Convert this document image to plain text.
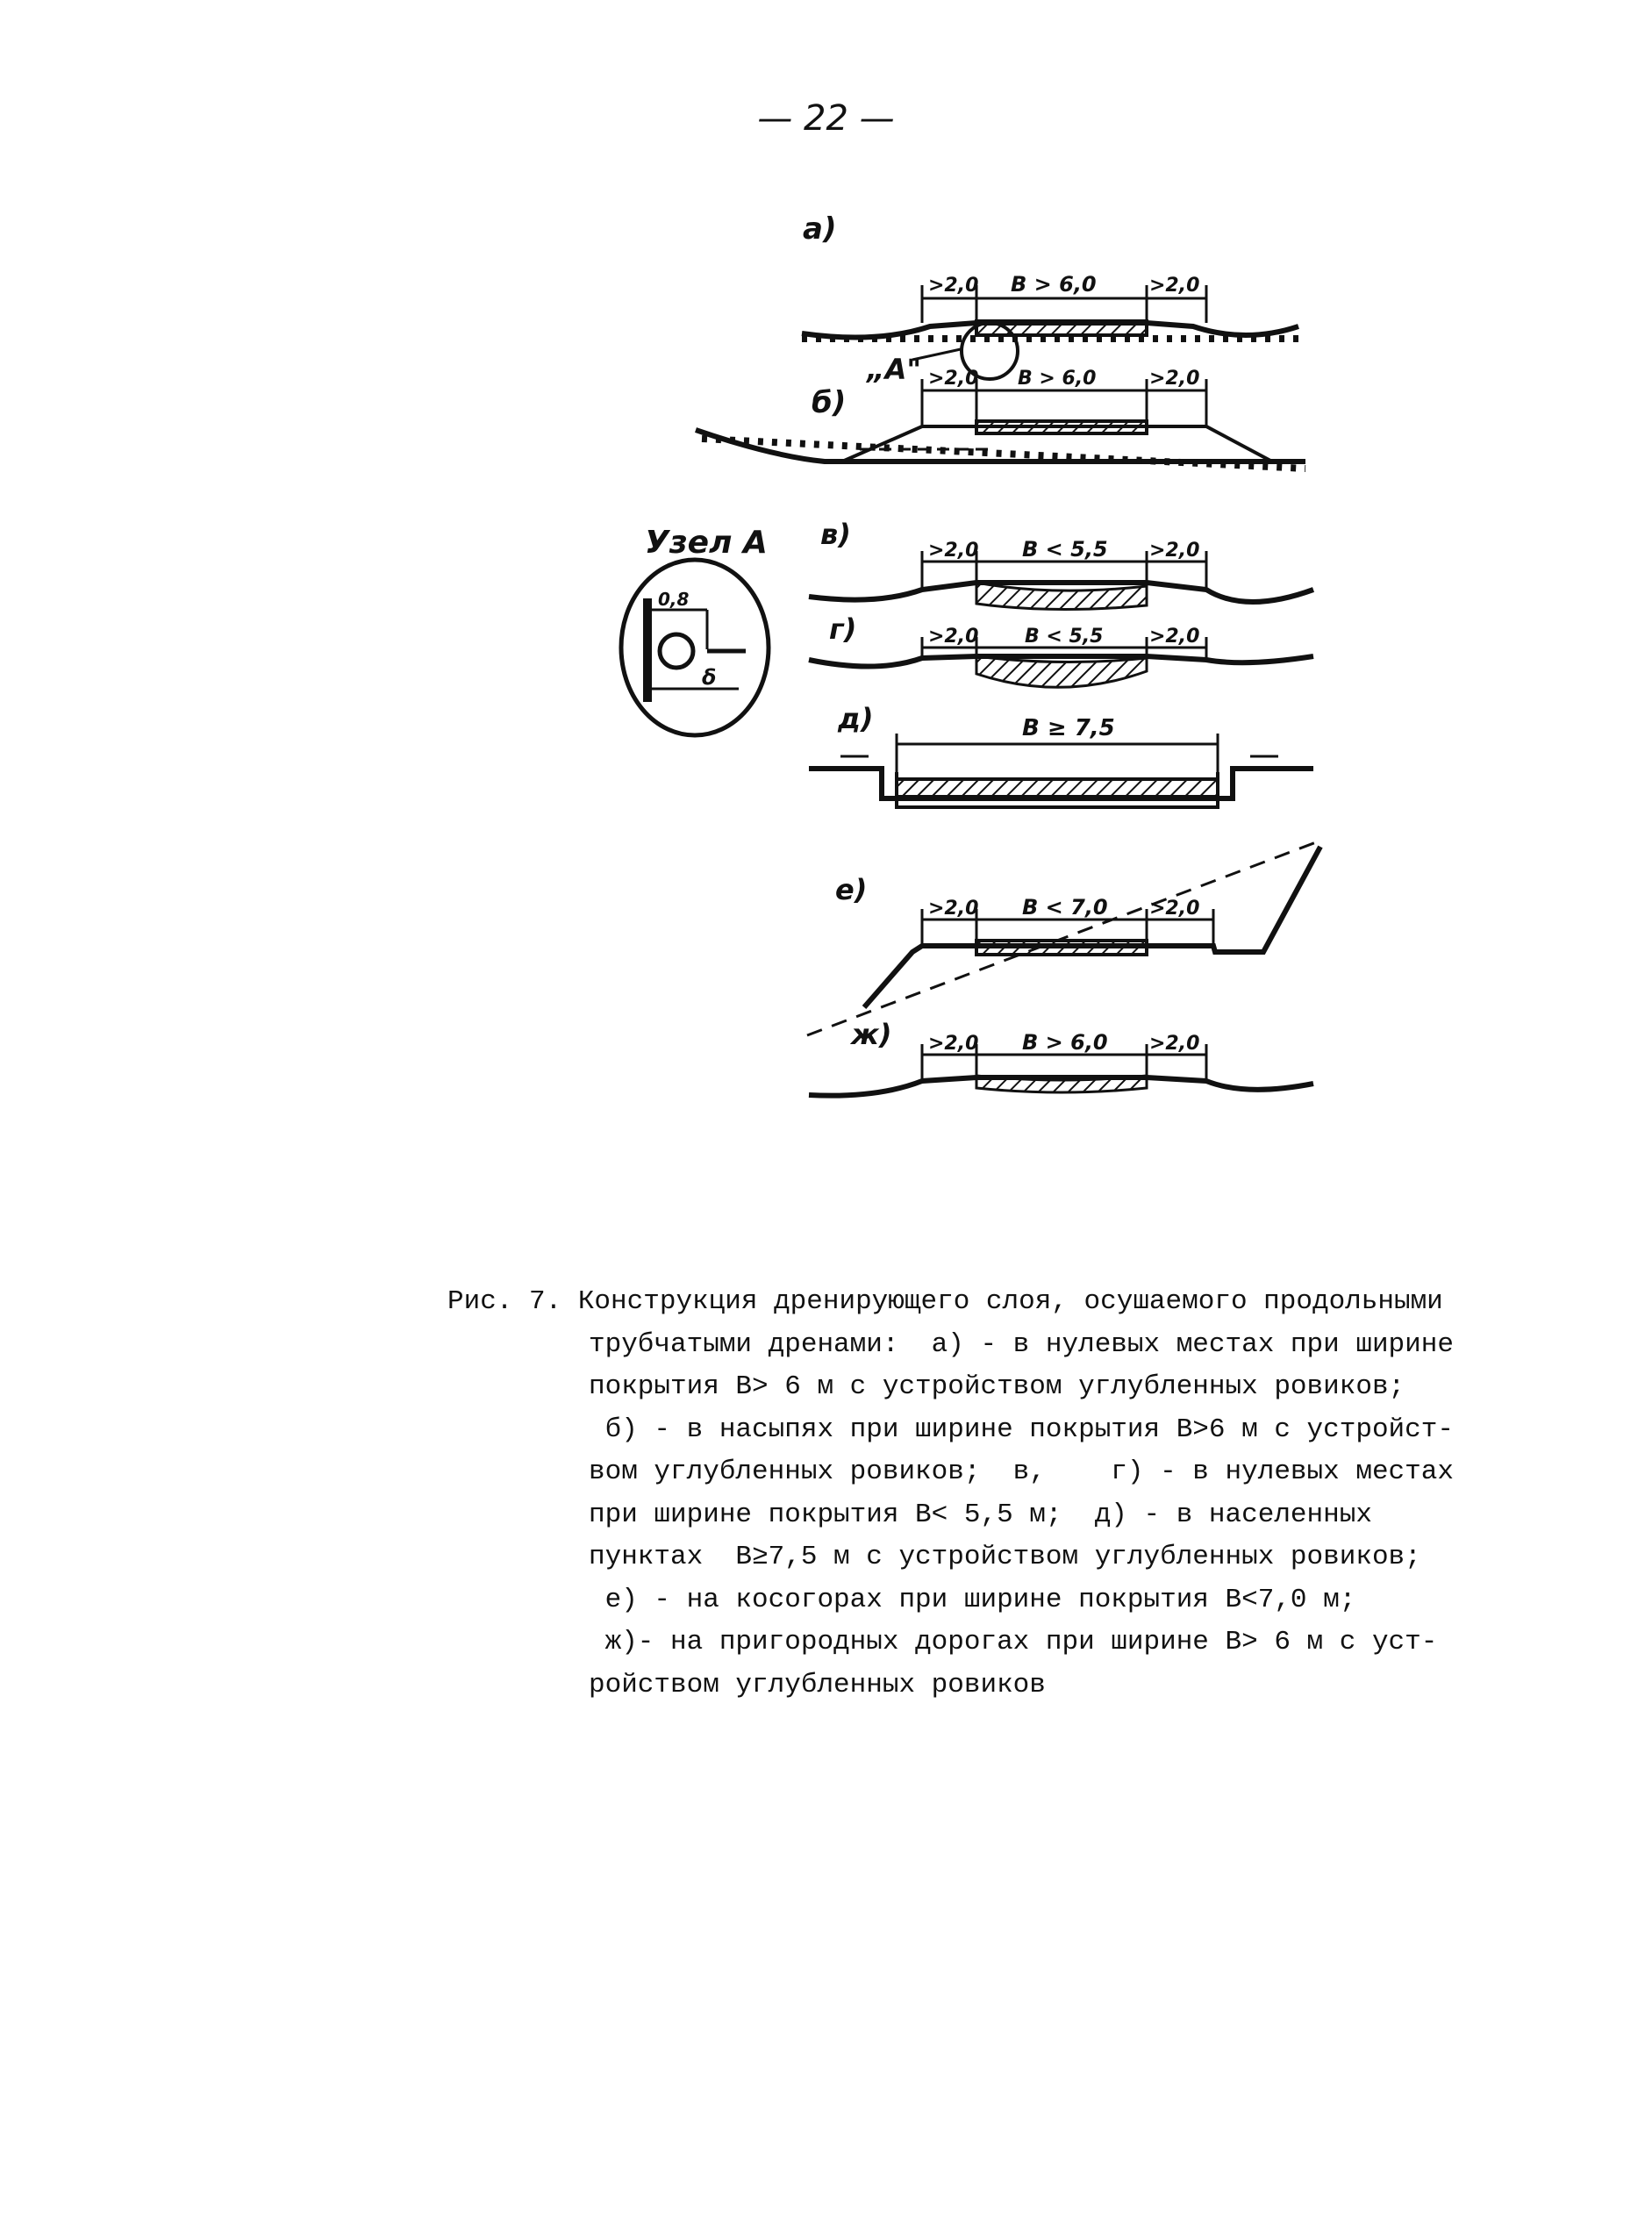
— 22 —
а)
„А"
>2,0 В > 6,0	>2,0
б)
>2,0 В > 6,0	>2,0
Узел А
0,8
δ
в)	>2,0 В < 5,5 >2,0
г)	>2,0 В < 5,5 >2,0
д)	В ≥ 7,5
е)
>2,0 В < 7,0 >2,0
ж) >2,0 В > 6,0 >2,0
Рис. 7. Конструкция дренирующего слоя, осушаемого продольными
трубчатыми дренами:  а) - в нулевых местах при ширине
покрытия В> 6 м с устройством углубленных ровиков;
б) - в насыпях при ширине покрытия В>6 м с устройст-
вом углубленных ровиков;  в,    г) - в нулевых местах
при ширине покрытия В< 5,5 м;  д) - в населенных
пунктах  В≥7,5 м с устройством углубленных ровиков;
е) - на косогорах при ширине покрытия В<7,0 м;
ж)- на пригородных дорогах при ширине В> 6 м с уст-
ройством углубленных ровиков
